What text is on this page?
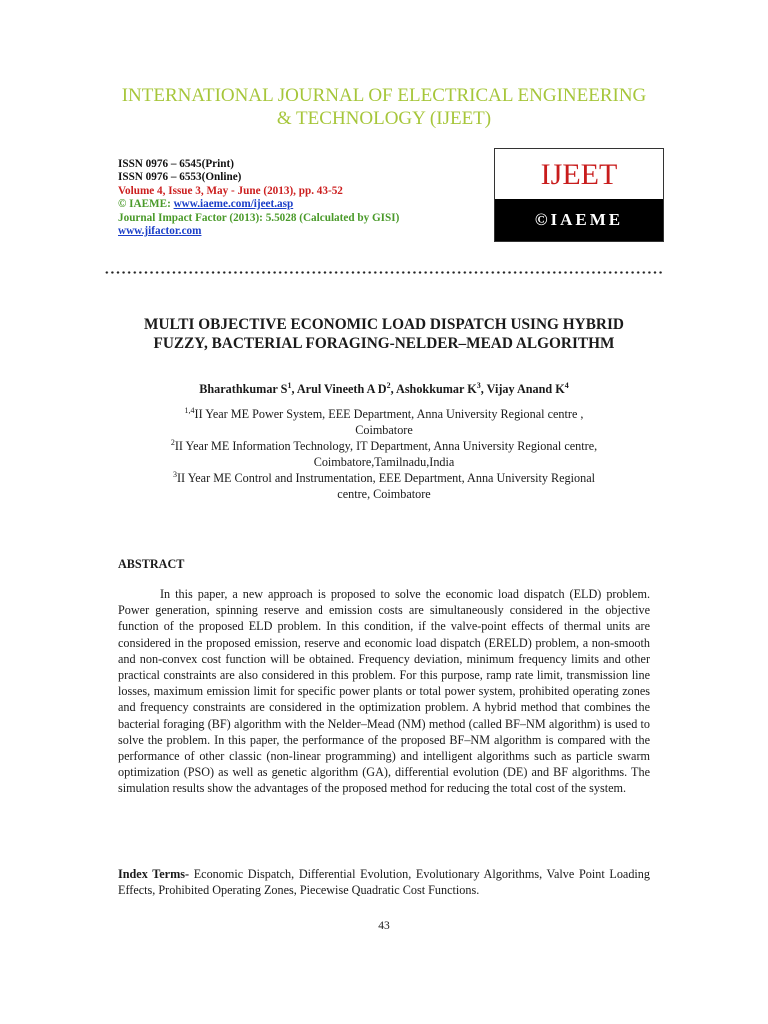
INTERNATIONAL JOURNAL OF ELECTRICAL ENGINEERING
& TECHNOLOGY (IJEET)
ISSN 0976 – 6545(Print)
ISSN 0976 – 6553(Online)
Volume 4, Issue 3, May - June (2013), pp. 43-52
© IAEME: www.iaeme.com/ijeet.asp
Journal Impact Factor (2013): 5.5028 (Calculated by GISI)
www.jifactor.com
IJEET
©IAEME
MULTI OBJECTIVE ECONOMIC LOAD DISPATCH USING HYBRID
FUZZY, BACTERIAL FORAGING-NELDER–MEAD ALGORITHM
Bharathkumar $S^1$, Arul Vineeth A $D^2$, Ashokkumar $K^3$, Vijay Anand $K^4$
$^{1,4}$II Year ME Power System, EEE Department, Anna University Regional centre ,
Coimbatore
$^2$II Year ME Information Technology, IT Department, Anna University Regional centre,
Coimbatore,Tamilnadu,India
$^3$II Year ME Control and Instrumentation, EEE Department, Anna University Regional
centre, Coimbatore
ABSTRACT

In this paper, a new approach is proposed to solve the economic load dispatch (ELD) problem. Power generation, spinning reserve and emission costs are simultaneously considered in the objective function of the proposed ELD problem. In this condition, if the valve-point effects of thermal units are considered in the proposed emission, reserve and economic load dispatch (ERELD) problem, a non-smooth and non-convex cost function will be obtained. Frequency deviation, minimum frequency limits and other practical constraints are also considered in this problem. For this purpose, ramp rate limit, transmission line losses, maximum emission limit for specific power plants or total power system, prohibited operating zones and frequency constraints are considered in the optimization problem. A hybrid method that combines the bacterial foraging (BF) algorithm with the Nelder–Mead (NM) method (called BF–NM algorithm) is used to solve the problem. In this paper, the performance of the proposed BF–NM algorithm is compared with the performance of other classic (non-linear programming) and intelligent algorithms such as particle swarm optimization (PSO) as well as genetic algorithm (GA), differential evolution (DE) and BF algorithms. The simulation results show the advantages of the proposed method for reducing the total cost of the system.

Index Terms- Economic Dispatch, Differential Evolution, Evolutionary Algorithms, Valve Point Loading Effects, Prohibited Operating Zones, Piecewise Quadratic Cost Functions.

43
